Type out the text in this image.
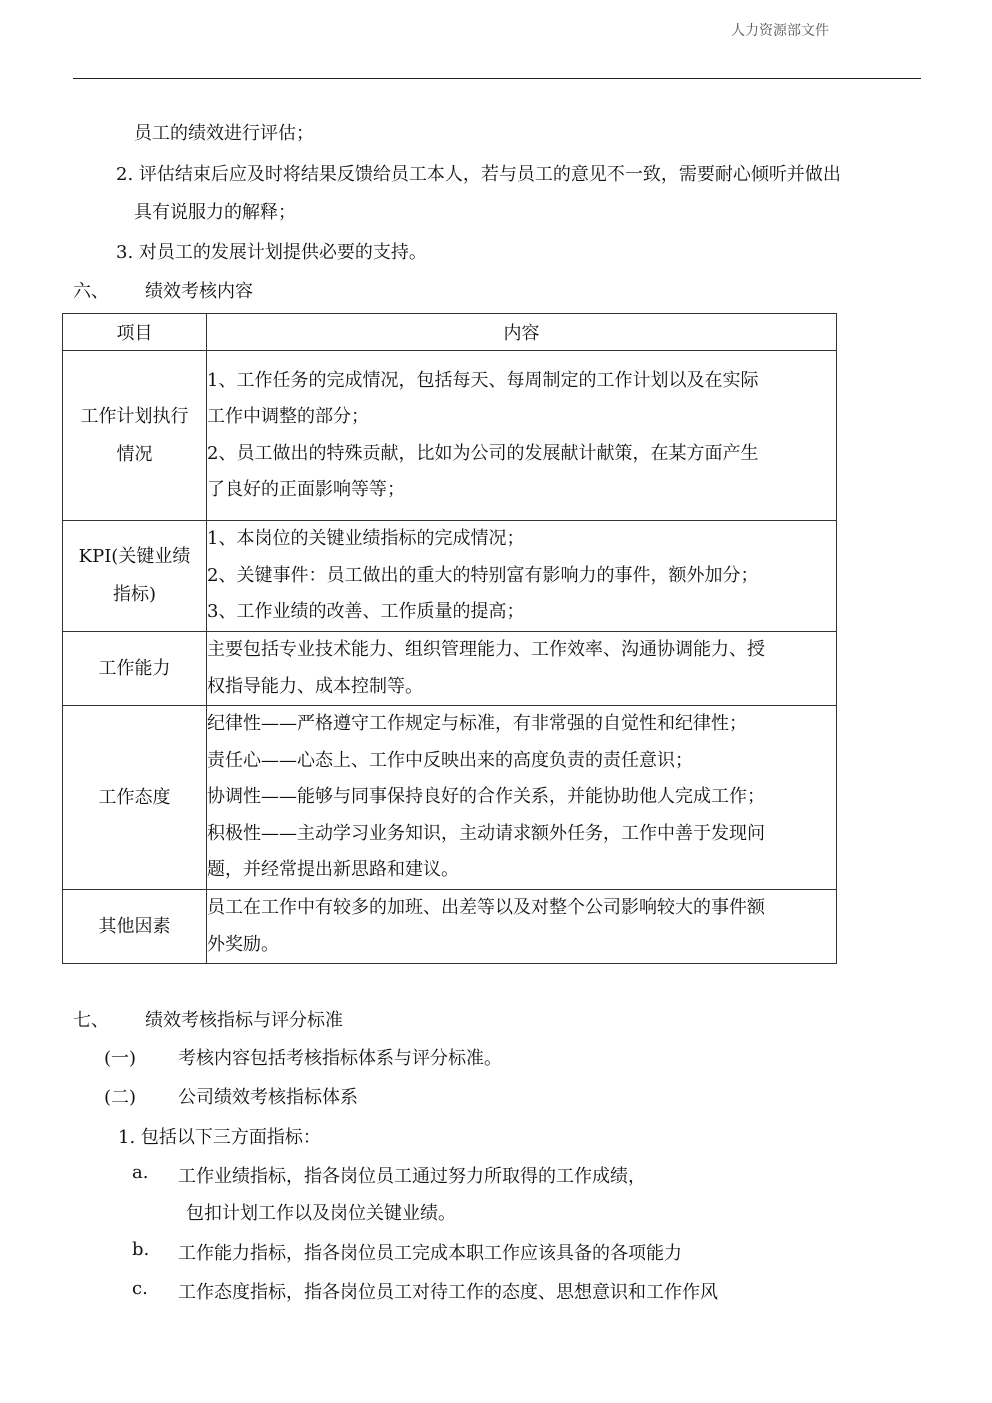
人力资源部文件
员工的绩效进行评估；
2. 评估结束后应及时将结果反馈给员工本人，若与员工的意见不一致，需要耐心倾听并做出
具有说服力的解释；
3. 对员工的发展计划提供必要的支持。
六、 绩效考核内容
项目	内容

工作计划执行
情况	1、工作任务的完成情况，包括每天、每周制定的工作计划以及在实际
工作中调整的部分；
2、员工做出的特殊贡献，比如为公司的发展献计献策，在某方面产生
了良好的正面影响等等；

KPI(关键业绩
指标)	1、本岗位的关键业绩指标的完成情况；
2、关键事件：员工做出的重大的特别富有影响力的事件，额外加分；
3、工作业绩的改善、工作质量的提高；

工作能力	主要包括专业技术能力、组织管理能力、工作效率、沟通协调能力、授
权指导能力、成本控制等。

工作态度	纪律性——严格遵守工作规定与标准，有非常强的自觉性和纪律性；
责任心——心态上、工作中反映出来的高度负责的责任意识；
协调性——能够与同事保持良好的合作关系，并能协助他人完成工作；
积极性——主动学习业务知识，主动请求额外任务，工作中善于发现问
题，并经常提出新思路和建议。

其他因素	员工在工作中有较多的加班、出差等以及对整个公司影响较大的事件额
外奖励。
七、 绩效考核指标与评分标准
(一) 考核内容包括考核指标体系与评分标准。
(二) 公司绩效考核指标体系
1. 包括以下三方面指标：
a. 工作业绩指标，指各岗位员工通过努力所取得的工作成绩，
包扣计划工作以及岗位关键业绩。
b. 工作能力指标，指各岗位员工完成本职工作应该具备的各项能力
c. 工作态度指标，指各岗位员工对待工作的态度、思想意识和工作作风
